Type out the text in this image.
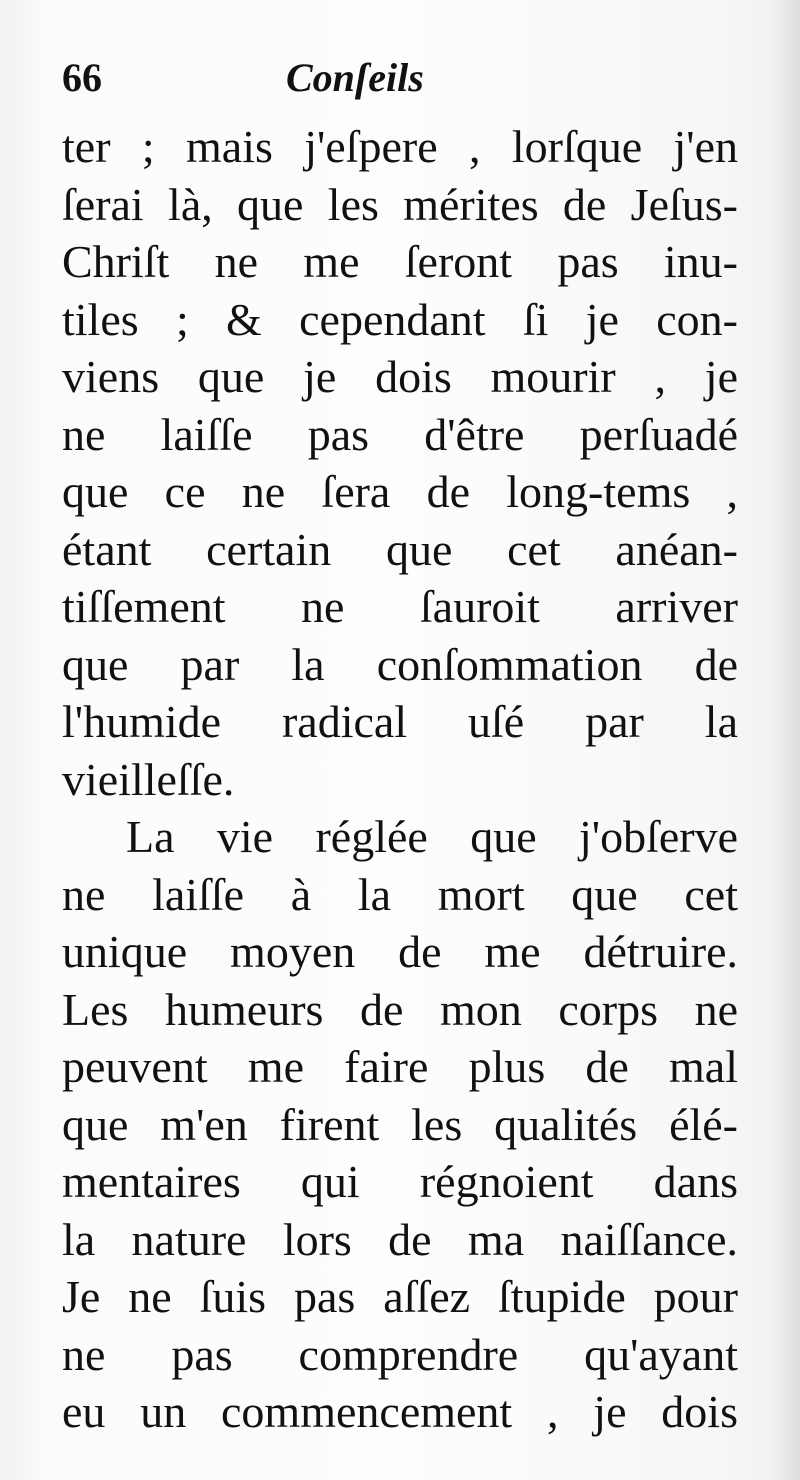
66	Conſeils
ter ; mais j'eſpere , lorſque j'en
ſerai là, que les mérites de Jeſus-
Chriſt ne me ſeront pas inu-
tiles ; & cependant ſi je con-
viens que je dois mourir , je
ne laiſſe pas d'être perſuadé
que ce ne ſera de long-tems ,
étant certain que cet anéan-
tiſſement ne ſauroit arriver
que par la conſommation de
l'humide radical uſé par la
vieilleſſe.
La vie réglée que j'obſerve
ne laiſſe à la mort que cet
unique moyen de me détruire.
Les humeurs de mon corps ne
peuvent me faire plus de mal
que m'en firent les qualités élé-
mentaires qui régnoient dans
la nature lors de ma naiſſance.
Je ne ſuis pas aſſez ſtupide pour
ne pas comprendre qu'ayant
eu un commencement , je dois
